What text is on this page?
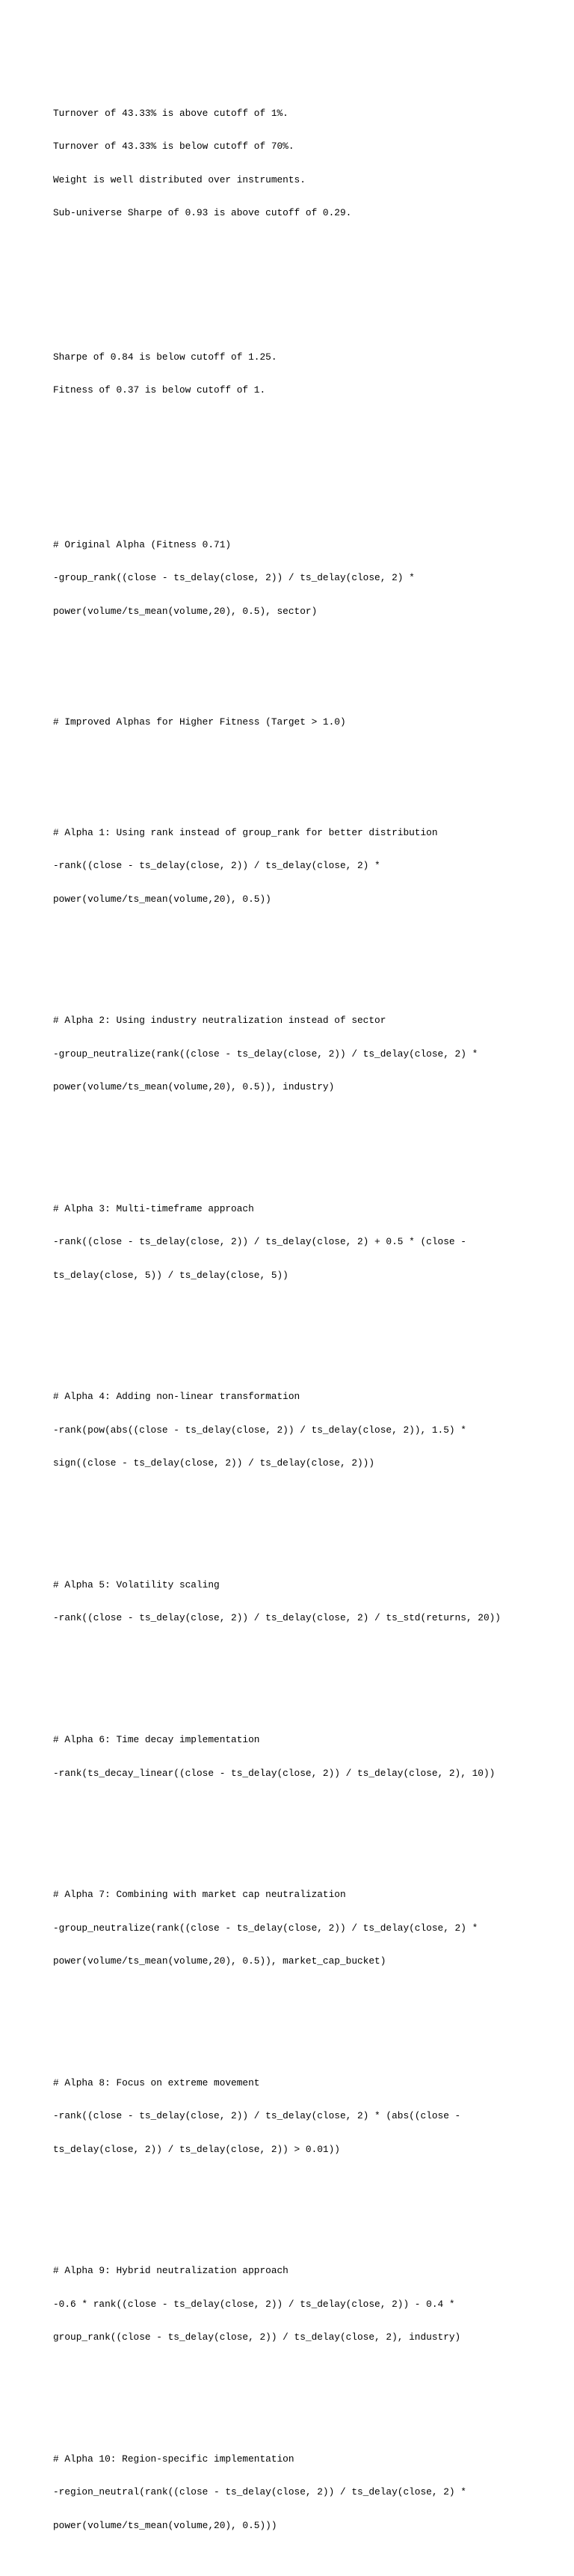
Turnover of 43.33% is above cutoff of 1%.

Turnover of 43.33% is below cutoff of 70%.

Weight is well distributed over instruments.

Sub-universe Sharpe of 0.93 is above cutoff of 0.29.

Sharpe of 0.84 is below cutoff of 1.25.

Fitness of 0.37 is below cutoff of 1.

# Original Alpha (Fitness 0.71)

-group_rank((close - ts_delay(close, 2)) / ts_delay(close, 2) *

power(volume/ts_mean(volume,20), 0.5), sector)

# Improved Alphas for Higher Fitness (Target > 1.0)

# Alpha 1: Using rank instead of group_rank for better distribution

-rank((close - ts_delay(close, 2)) / ts_delay(close, 2) *

power(volume/ts_mean(volume,20), 0.5))

# Alpha 2: Using industry neutralization instead of sector

-group_neutralize(rank((close - ts_delay(close, 2)) / ts_delay(close, 2) *

power(volume/ts_mean(volume,20), 0.5)), industry)

# Alpha 3: Multi-timeframe approach

-rank((close - ts_delay(close, 2)) / ts_delay(close, 2) + 0.5 * (close -

ts_delay(close, 5)) / ts_delay(close, 5))

# Alpha 4: Adding non-linear transformation

-rank(pow(abs((close - ts_delay(close, 2)) / ts_delay(close, 2)), 1.5) *

sign((close - ts_delay(close, 2)) / ts_delay(close, 2)))

# Alpha 5: Volatility scaling

-rank((close - ts_delay(close, 2)) / ts_delay(close, 2) / ts_std(returns, 20))

# Alpha 6: Time decay implementation

-rank(ts_decay_linear((close - ts_delay(close, 2)) / ts_delay(close, 2), 10))

# Alpha 7: Combining with market cap neutralization

-group_neutralize(rank((close - ts_delay(close, 2)) / ts_delay(close, 2) *

power(volume/ts_mean(volume,20), 0.5)), market_cap_bucket)

# Alpha 8: Focus on extreme movement

-rank((close - ts_delay(close, 2)) / ts_delay(close, 2) * (abs((close -

ts_delay(close, 2)) / ts_delay(close, 2)) > 0.01))

# Alpha 9: Hybrid neutralization approach

-0.6 * rank((close - ts_delay(close, 2)) / ts_delay(close, 2)) - 0.4 *

group_rank((close - ts_delay(close, 2)) / ts_delay(close, 2), industry)

# Alpha 10: Region-specific implementation

-region_neutral(rank((close - ts_delay(close, 2)) / ts_delay(close, 2) *

power(volume/ts_mean(volume,20), 0.5)))
